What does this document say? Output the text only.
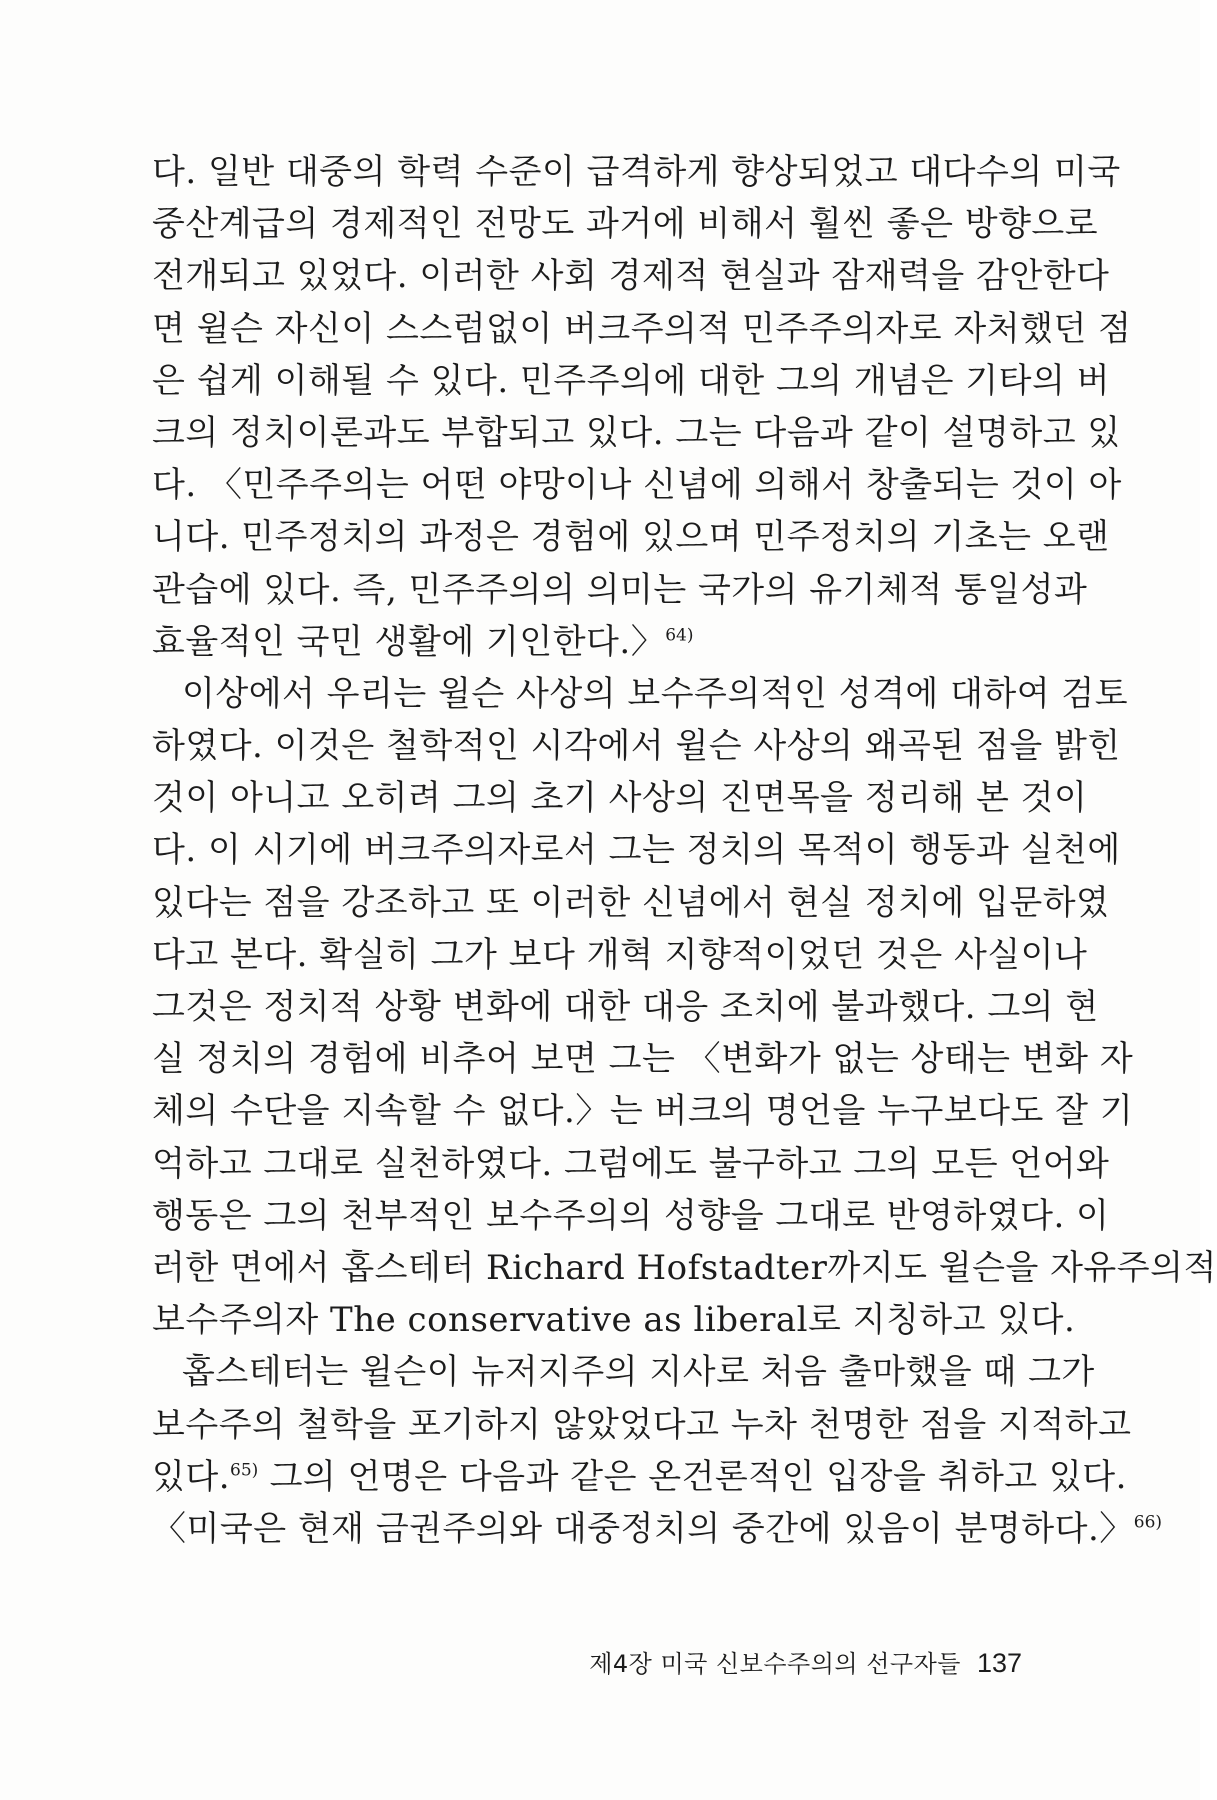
다. 일반 대중의 학력 수준이 급격하게 향상되었고 대다수의 미국
중산계급의 경제적인 전망도 과거에 비해서 훨씬 좋은 방향으로
전개되고 있었다. 이러한 사회 경제적 현실과 잠재력을 감안한다
면 윌슨 자신이 스스럼없이 버크주의적 민주주의자로 자처했던 점
은 쉽게 이해될 수 있다. 민주주의에 대한 그의 개념은 기타의 버
크의 정치이론과도 부합되고 있다. 그는 다음과 같이 설명하고 있
다. 〈민주주의는 어떤 야망이나 신념에 의해서 창출되는 것이 아
니다. 민주정치의 과정은 경험에 있으며 민주정치의 기초는 오랜
관습에 있다. 즉, 민주주의의 의미는 국가의 유기체적 통일성과
효율적인 국민 생활에 기인한다.〉$^{64)}$
이상에서 우리는 윌슨 사상의 보수주의적인 성격에 대하여 검토
하였다. 이것은 철학적인 시각에서 윌슨 사상의 왜곡된 점을 밝힌
것이 아니고 오히려 그의 초기 사상의 진면목을 정리해 본 것이
다. 이 시기에 버크주의자로서 그는 정치의 목적이 행동과 실천에
있다는 점을 강조하고 또 이러한 신념에서 현실 정치에 입문하였
다고 본다. 확실히 그가 보다 개혁 지향적이었던 것은 사실이나
그것은 정치적 상황 변화에 대한 대응 조치에 불과했다. 그의 현
실 정치의 경험에 비추어 보면 그는 〈변화가 없는 상태는 변화 자
체의 수단을 지속할 수 없다.〉는 버크의 명언을 누구보다도 잘 기
억하고 그대로 실천하였다. 그럼에도 불구하고 그의 모든 언어와
행동은 그의 천부적인 보수주의의 성향을 그대로 반영하였다. 이
러한 면에서 홉스테터 Richard Hofstadter까지도 윌슨을 자유주의적
보수주의자 The conservative as liberal로 지칭하고 있다.
홉스테터는 윌슨이 뉴저지주의 지사로 처음 출마했을 때 그가
보수주의 철학을 포기하지 않았었다고 누차 천명한 점을 지적하고
있다.$^{65)}$ 그의 언명은 다음과 같은 온건론적인 입장을 취하고 있다.
〈미국은 현재 금권주의와 대중정치의 중간에 있음이 분명하다.〉$^{66)}$
제4장 미국 신보수주의의 선구자들 137
